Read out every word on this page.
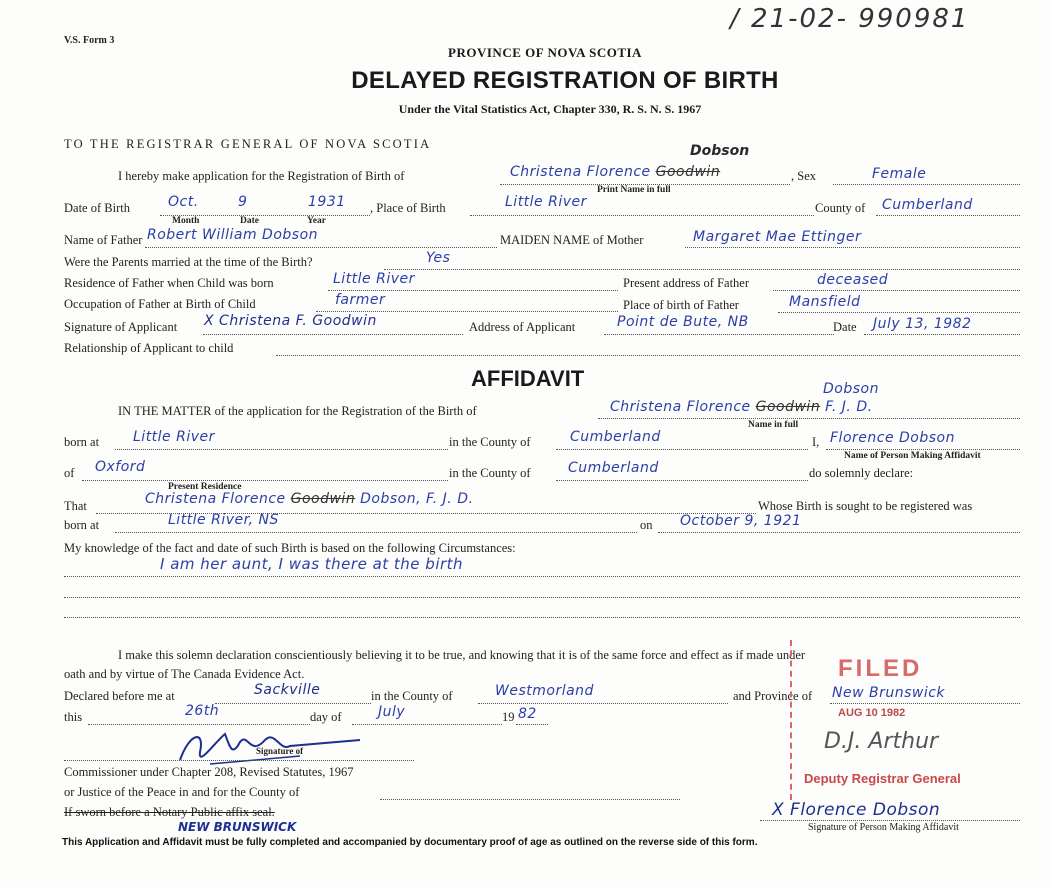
V.S. Form 3
/ 21-02- 990981
PROVINCE OF NOVA SCOTIA
DELAYED REGISTRATION OF BIRTH
Under the Vital Statistics Act, Chapter 330, R. S. N. S. 1967
TO THE REGISTRAR GENERAL OF NOVA SCOTIA
I hereby make application for the Registration of Birth of	Christena Florence Goodwin
Dobson
Print Name in full
, Sex	Female
Date of Birth	Oct.	9	1931
Month	Date	Year
, Place of Birth	Little River	County of Cumberland
Name of Father Robert William Dobson	MAIDEN NAME of Mother	Margaret Mae Ettinger
Were the Parents married at the time of the Birth?	Yes
Residence of Father when Child was born	Little River	Present address of Father	deceased
Occupation of Father at Birth of Child	farmer	Place of birth of Father	Mansfield
Signature of Applicant X Christena F. Goodwin	Address of Applicant	Point de Bute, NB	Date July 13, 1982
Relationship of Applicant to child
AFFIDAVIT
IN THE MATTER of the application for the Registration of the Birth of	Christena Florence Goodwin F. J. D.
Dobson
Name in full
born at Little River	in the County of	Cumberland	I, Florence Dobson
Name of Person Making Affidavit
of Oxford
Present Residence
in the County of	Cumberland	do solemnly declare:
That	Christena Florence Goodwin Dobson, F. J. D.	Whose Birth is sought to be registered was
born at	Little River, NS	on October 9, 1921
My knowledge of the fact and date of such Birth is based on the following Circumstances:
I am her aunt, I was there at the birth
I make this solemn declaration conscientiously believing it to be true, and knowing that it is of the same force and effect as if made under
oath and by virtue of The Canada Evidence Act.
Declared before me at	Sackville	in the County of	Westmorland	and Province of New Brunswick
this	26th	day of	July	19 82
Signature of
Commissioner under Chapter 208, Revised Statutes, 1967
or Justice of the Peace in and for the County of
If sworn before a Notary Public affix seal.
NEW BRUNSWICK
FILED
AUG 10 1982
D.J. Arthur
Deputy Registrar General
X Florence Dobson
Signature of Person Making Affidavit
This Application and Affidavit must be fully completed and accompanied by documentary proof of age as outlined on the reverse side of this form.
